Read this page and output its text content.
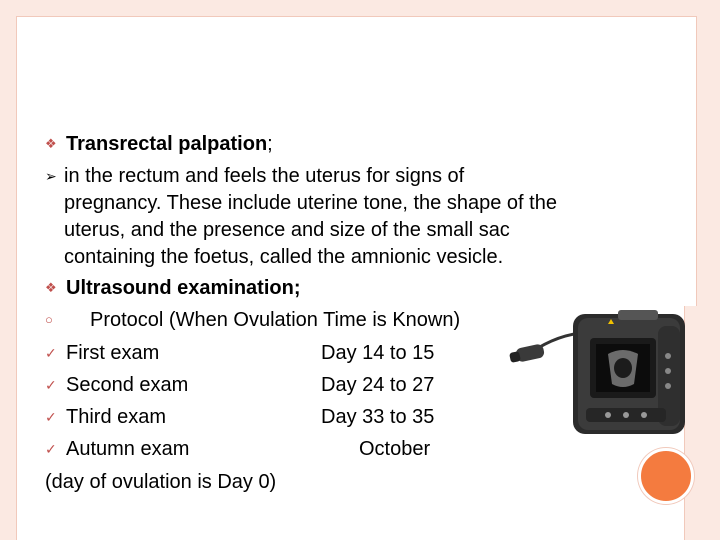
❖ Transrectal palpation;
➢ in the rectum and feels the uterus for signs of
pregnancy. These include uterine tone, the shape of the
uterus, and the presence and size of the small sac
containing the foetus, called the amnionic vesicle.
❖ Ultrasound examination;
○ Protocol (When Ovulation Time is Known)
✓ First exam	Day 14 to 15
✓ Second exam	Day 24 to 27
✓ Third exam	Day 33 to 35
✓ Autumn exam	October
(day of ovulation is Day 0)
